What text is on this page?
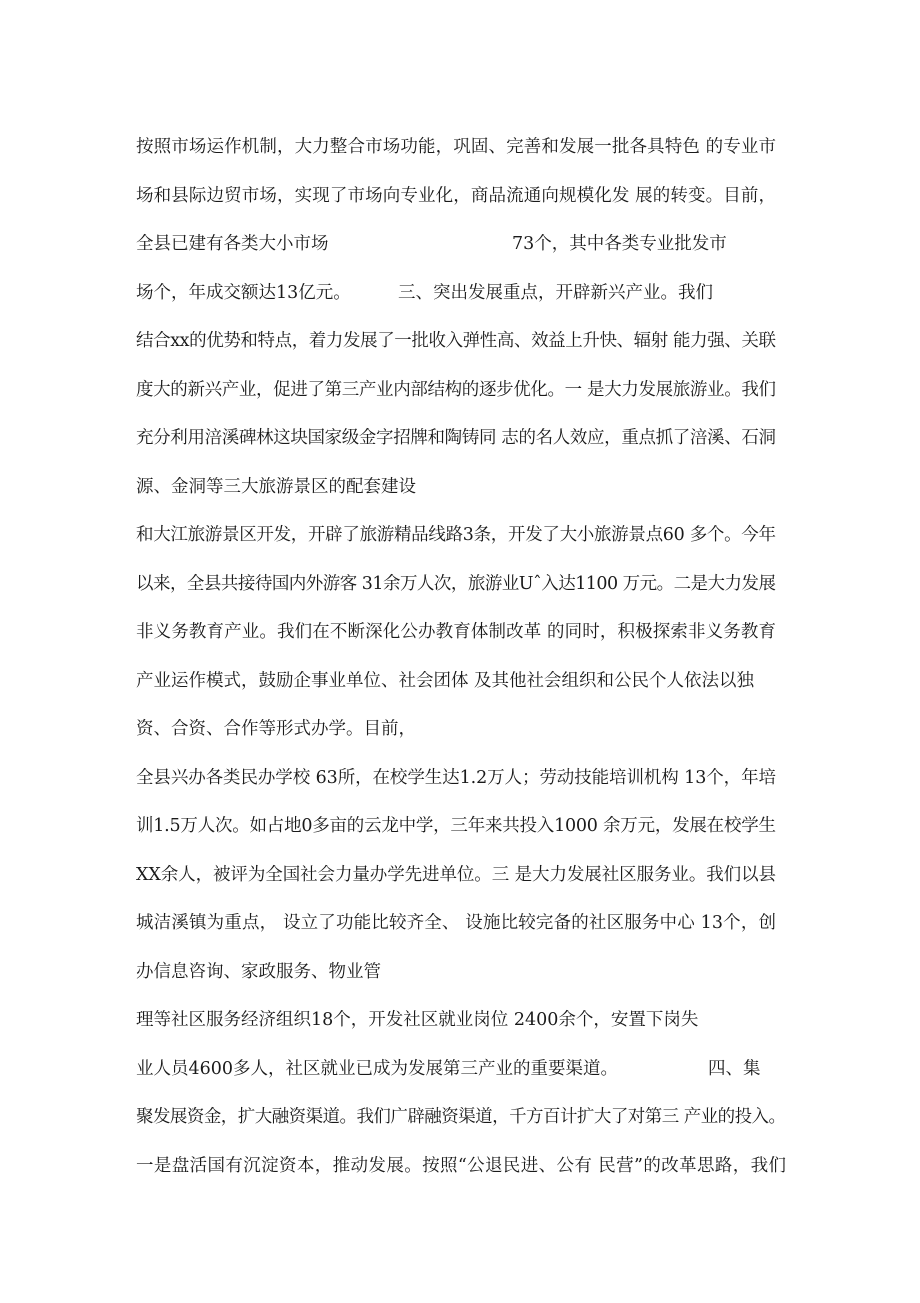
按照市场运作机制，大力整合市场功能，巩固、完善和发展一批各具特色 的专业市
场和县际边贸市场，实现了市场向专业化，商品流通向规模化发 展的转变。目前，
全县已建有各类大小市场	73个，其中各类专业批发市
场个，年成交额达13亿元。	三、突出发展重点，开辟新兴产业。我们
结合xx的优势和特点，着力发展了一批收入弹性高、效益上升快、辐射 能力强、关联
度大的新兴产业，促进了第三产业内部结构的逐步优化。一 是大力发展旅游业。我们
充分利用涪溪碑林这块国家级金字招牌和陶铸同 志的名人效应，重点抓了涪溪、石洞
源、金洞等三大旅游景区的配套建设
和大江旅游景区开发，开辟了旅游精品线路3条，开发了大小旅游景点60 多个。今年
以来，全县共接待国内外游客 31余万人次，旅游业Uˆ入达1100 万元。二是大力发展
非义务教育产业。我们在不断深化公办教育体制改革 的同时，积极探索非义务教育
产业运作模式，鼓励企事业单位、社会团体 及其他社会组织和公民个人依法以独
资、合资、合作等形式办学。目前，
全县兴办各类民办学校 63所，在校学生达1.2万人；劳动技能培训机构 13个，年培
训1.5万人次。如占地0多亩的云龙中学，三年来共投入1000 余万元，发展在校学生
XX余人，被评为全国社会力量办学先进单位。三 是大力发展社区服务业。我们以县
城洁溪镇为重点， 设立了功能比较齐全、 设施比较完备的社区服务中心 13个，创
办信息咨询、家政服务、物业管
理等社区服务经济组织18个，开发社区就业岗位 2400余个，安置下岗失
业人员4600多人，社区就业已成为发展第三产业的重要渠道。	四、集
聚发展资金，扩大融资渠道。我们广辟融资渠道，千方百计扩大了对第三 产业的投入。
一是盘活国有沉淀资本，推动发展。按照“公退民进、公有 民营”的改革思路，我们
